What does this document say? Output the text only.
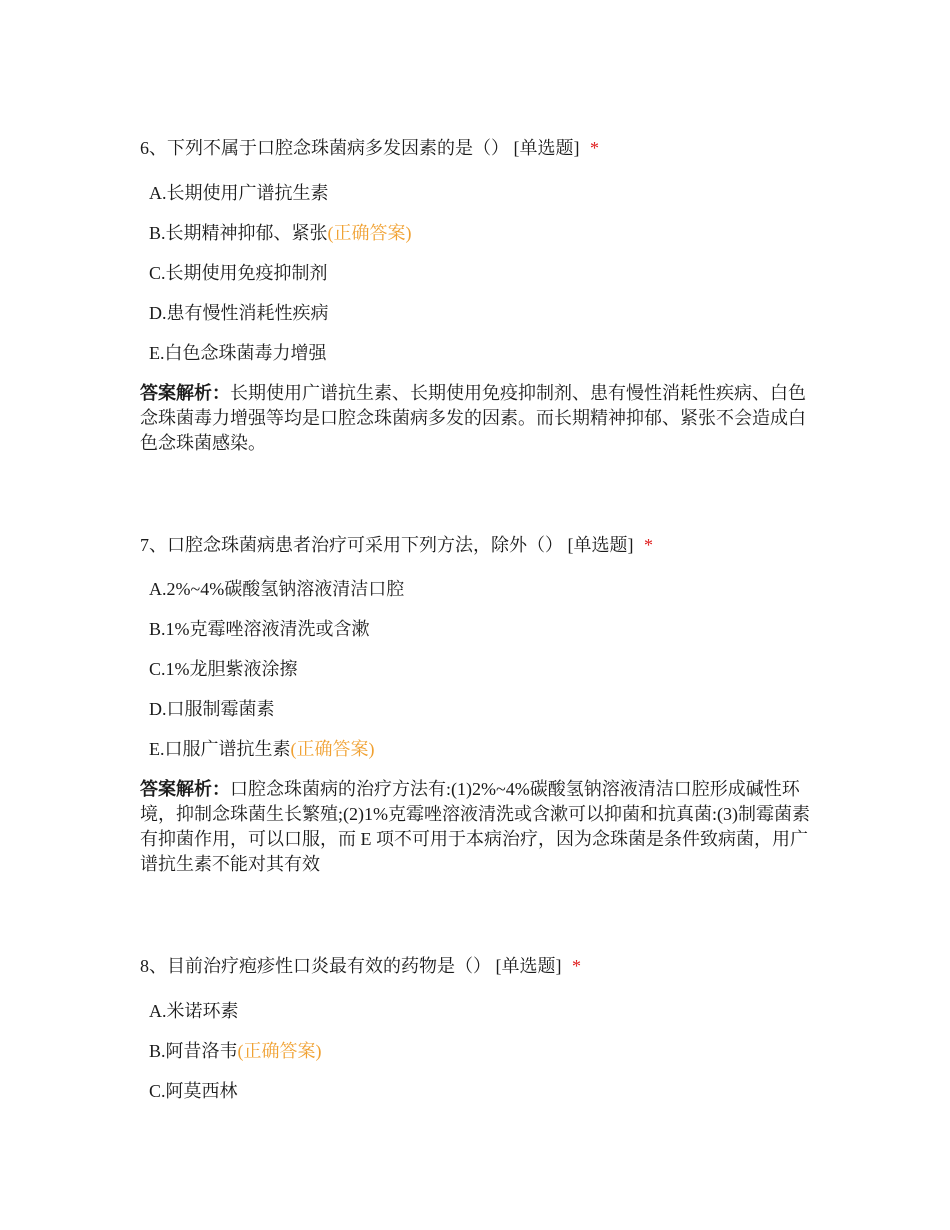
6、下列不属于口腔念珠菌病多发因素的是（） [单选题] *

A.长期使用广谱抗生素
B.长期精神抑郁、紧张(正确答案)
C.长期使用免疫抑制剂
D.患有慢性消耗性疾病
E.白色念珠菌毒力增强

答案解析：长期使用广谱抗生素、长期使用免疫抑制剂、患有慢性消耗性疾病、白色念珠菌毒力增强等均是口腔念珠菌病多发的因素。而长期精神抑郁、紧张不会造成白色念珠菌感染。

7、口腔念珠菌病患者治疗可采用下列方法，除外（） [单选题] *

A.2%~4%碳酸氢钠溶液清洁口腔
B.1%克霉唑溶液清洗或含漱
C.1%龙胆紫液涂擦
D.口服制霉菌素
E.口服广谱抗生素(正确答案)

答案解析：口腔念珠菌病的治疗方法有:(1)2%~4%碳酸氢钠溶液清洁口腔形成碱性环境，抑制念珠菌生长繁殖;(2)1%克霉唑溶液清洗或含漱可以抑菌和抗真菌:(3)制霉菌素有抑菌作用，可以口服，而 E 项不可用于本病治疗，因为念珠菌是条件致病菌，用广谱抗生素不能对其有效

8、目前治疗疱疹性口炎最有效的药物是（） [单选题] *

A.米诺环素
B.阿昔洛韦(正确答案)
C.阿莫西林
